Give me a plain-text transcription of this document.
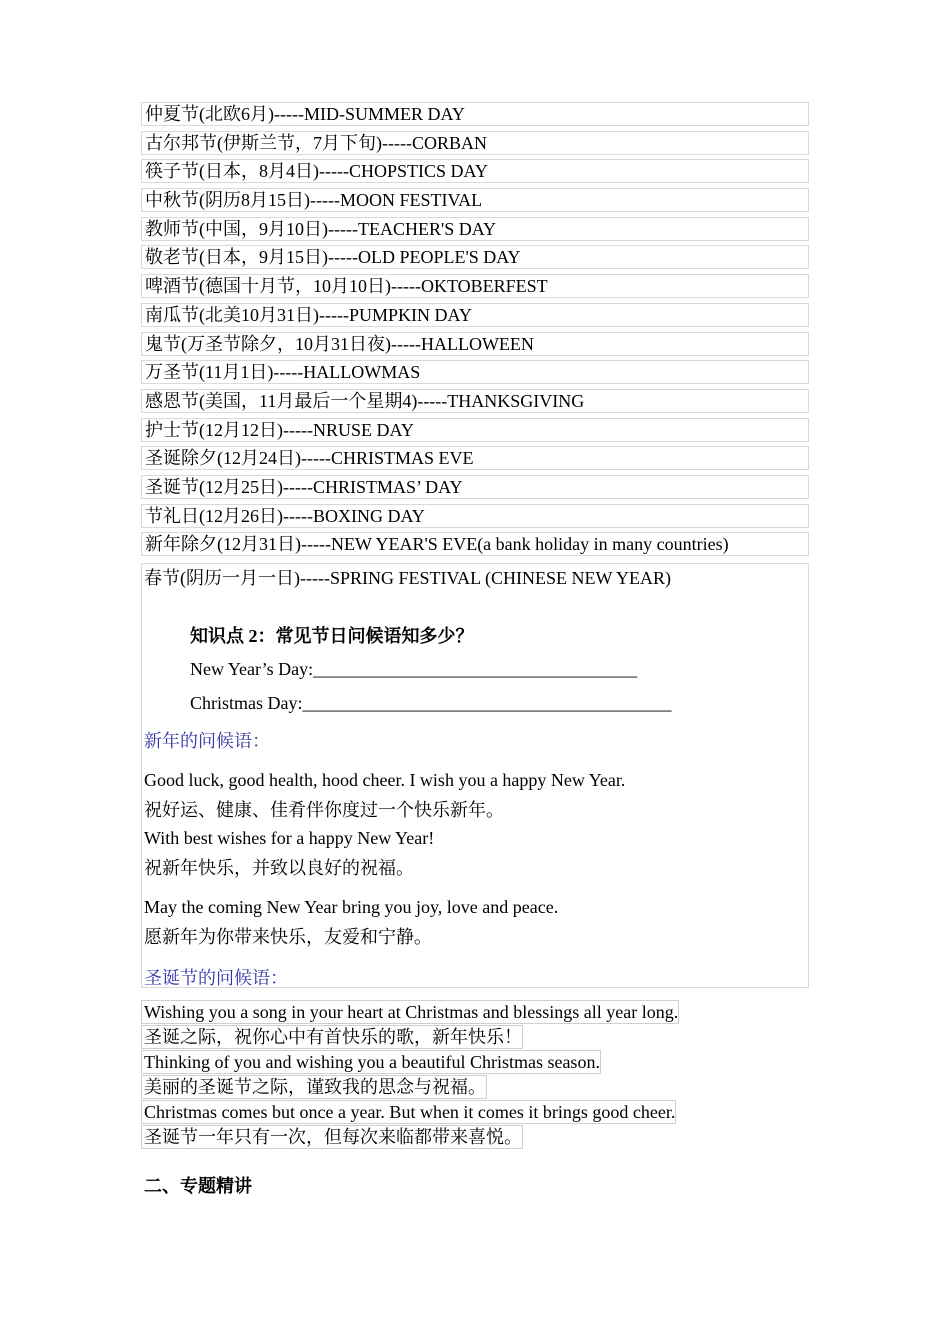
仲夏节(北欧6月)-----MID-SUMMER DAY
古尔邦节(伊斯兰节，7月下旬)-----CORBAN
筷子节(日本，8月4日)-----CHOPSTICS DAY
中秋节(阴历8月15日)-----MOON FESTIVAL
教师节(中国，9月10日)-----TEACHER'S DAY
敬老节(日本，9月15日)-----OLD PEOPLE'S DAY
啤酒节(德国十月节，10月10日)-----OKTOBERFEST
南瓜节(北美10月31日)-----PUMPKIN DAY
鬼节(万圣节除夕，10月31日夜)-----HALLOWEEN
万圣节(11月1日)-----HALLOWMAS
感恩节(美国，11月最后一个星期4)-----THANKSGIVING
护士节(12月12日)-----NRUSE DAY
圣诞除夕(12月24日)-----CHRISTMAS EVE
圣诞节(12月25日)-----CHRISTMAS’ DAY
节礼日(12月26日)-----BOXING DAY
新年除夕(12月31日)-----NEW YEAR'S EVE(a bank holiday in many countries)
春节(阴历一月一日)-----SPRING FESTIVAL (CHINESE NEW YEAR)
知识点 2：常见节日问候语知多少？
New Year’s Day:____________________________________
Christmas Day:_________________________________________
新年的问候语：
Good luck, good health, hood cheer. I wish you a happy New Year.
祝好运、健康、佳肴伴你度过一个快乐新年。
With best wishes for a happy New Year!
祝新年快乐，并致以良好的祝福。
May the coming New Year bring you joy, love and peace.
愿新年为你带来快乐，友爱和宁静。
圣诞节的问候语：
Wishing you a song in your heart at Christmas and blessings all year long.
圣诞之际，祝你心中有首快乐的歌，新年快乐！
Thinking of you and wishing you a beautiful Christmas season.
美丽的圣诞节之际，谨致我的思念与祝福。
Christmas comes but once a year. But when it comes it brings good cheer.
圣诞节一年只有一次，但每次来临都带来喜悦。
二、专题精讲
